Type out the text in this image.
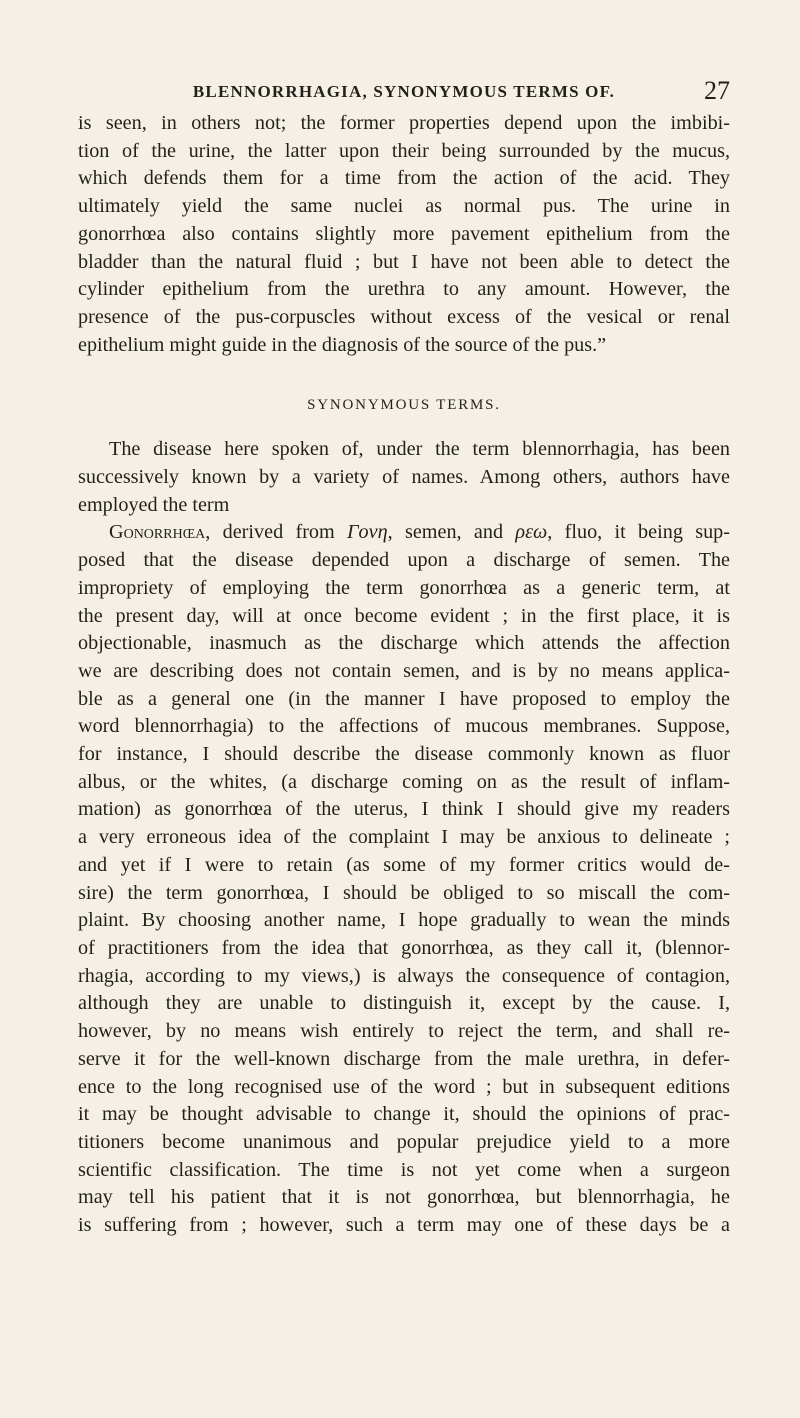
BLENNORRHAGIA, SYNONYMOUS TERMS OF.	27
is seen, in others not; the former properties depend upon the imbibi-
tion of the urine, the latter upon their being surrounded by the mucus,
which defends them for a time from the action of the acid. They
ultimately yield the same nuclei as normal pus. The urine in
gonorrhœa also contains slightly more pavement epithelium from the
bladder than the natural fluid ; but I have not been able to detect the
cylinder epithelium from the urethra to any amount. However, the
presence of the pus-corpuscles without excess of the vesical or renal
epithelium might guide in the diagnosis of the source of the pus.”
SYNONYMOUS TERMS.
The disease here spoken of, under the term blennorrhagia, has been
successively known by a variety of names. Among others, authors have
employed the term
Gonorrhœa, derived from Γονη, semen, and ρεω, fluo, it being sup-
posed that the disease depended upon a discharge of semen. The
impropriety of employing the term gonorrhœa as a generic term, at
the present day, will at once become evident ; in the first place, it is
objectionable, inasmuch as the discharge which attends the affection
we are describing does not contain semen, and is by no means applica-
ble as a general one (in the manner I have proposed to employ the
word blennorrhagia) to the affections of mucous membranes. Suppose,
for instance, I should describe the disease commonly known as fluor
albus, or the whites, (a discharge coming on as the result of inflam-
mation) as gonorrhœa of the uterus, I think I should give my readers
a very erroneous idea of the complaint I may be anxious to delineate ;
and yet if I were to retain (as some of my former critics would de-
sire) the term gonorrhœa, I should be obliged to so miscall the com-
plaint. By choosing another name, I hope gradually to wean the minds
of practitioners from the idea that gonorrhœa, as they call it, (blennor-
rhagia, according to my views,) is always the consequence of contagion,
although they are unable to distinguish it, except by the cause. I,
however, by no means wish entirely to reject the term, and shall re-
serve it for the well-known discharge from the male urethra, in defer-
ence to the long recognised use of the word ; but in subsequent editions
it may be thought advisable to change it, should the opinions of prac-
titioners become unanimous and popular prejudice yield to a more
scientific classification. The time is not yet come when a surgeon
may tell his patient that it is not gonorrhœa, but blennorrhagia, he
is suffering from ; however, such a term may one of these days be a
